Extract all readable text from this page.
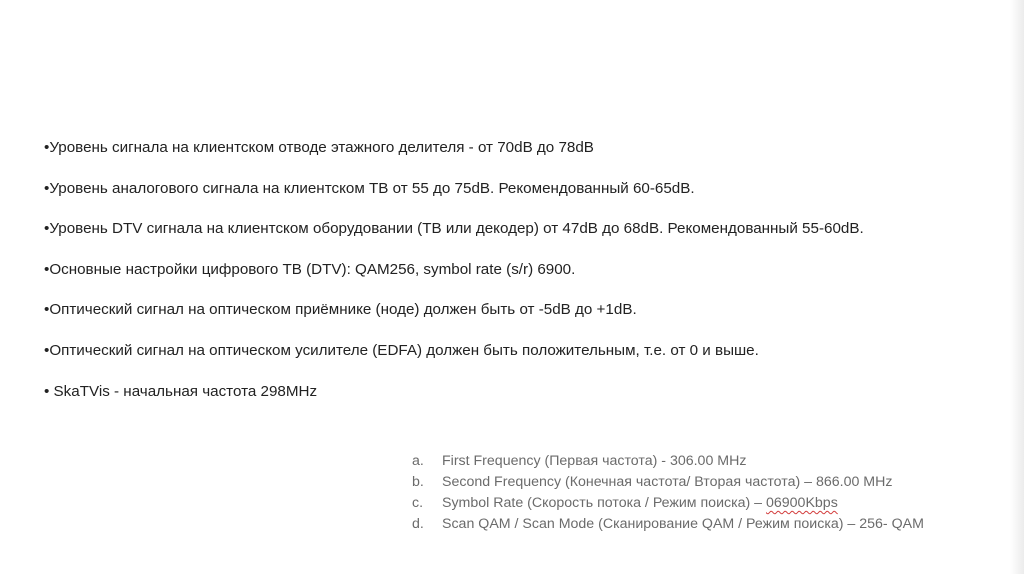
•Уровень сигнала на клиентском отводе этажного делителя - от 70dB до 78dB
•Уровень аналогового сигнала на клиентском ТВ от 55 до 75dB. Рекомендованный 60-65dB.
•Уровень DTV сигнала на клиентском оборудовании (ТВ или декодер) от 47dB до 68dB. Рекомендованный 55-60dB.
•Основные настройки цифрового ТВ (DTV): QAM256, symbol rate (s/r) 6900.
•Оптический сигнал на оптическом приёмнике (ноде) должен быть от -5dB до +1dB.
•Оптический сигнал на оптическом усилителе (EDFA) должен быть положительным, т.е. от 0 и выше.
• SkaTVis - начальная частота 298MHz
a.	First Frequency (Первая частота) - 306.00 MHz
b.	Second Frequency (Конечная частота/ Вторая частота) – 866.00 MHz
c.	Symbol Rate (Скорость потока / Режим поиска) – 06900Kbps
d.	Scan QAM / Scan Mode (Сканирование QAM / Режим поиска) – 256- QAM
